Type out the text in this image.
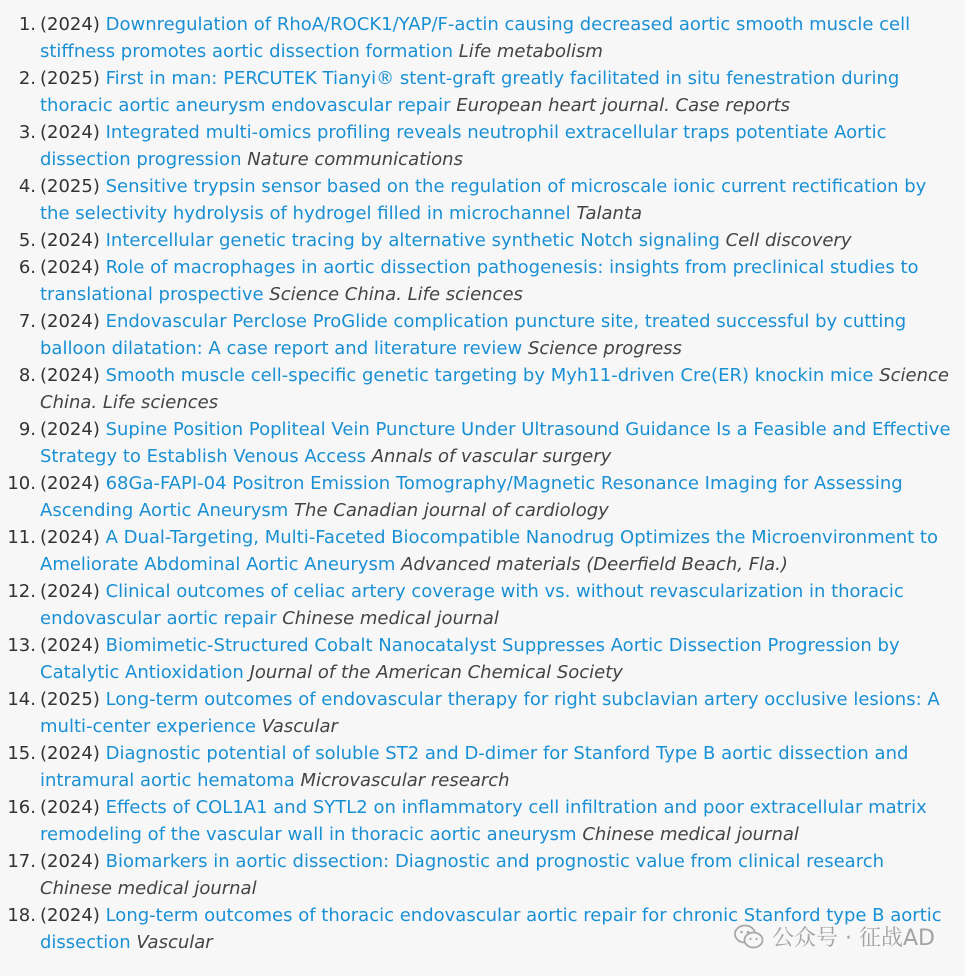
1. (2024) Downregulation of RhoA/ROCK1/YAP/F-actin causing decreased aortic smooth muscle cell stiffness promotes aortic dissection formation Life metabolism
2. (2025) First in man: PERCUTEK Tianyi® stent-graft greatly facilitated in situ fenestration during thoracic aortic aneurysm endovascular repair European heart journal. Case reports
3. (2024) Integrated multi-omics profiling reveals neutrophil extracellular traps potentiate Aortic dissection progression Nature communications
4. (2025) Sensitive trypsin sensor based on the regulation of microscale ionic current rectification by the selectivity hydrolysis of hydrogel filled in microchannel Talanta
5. (2024) Intercellular genetic tracing by alternative synthetic Notch signaling Cell discovery
6. (2024) Role of macrophages in aortic dissection pathogenesis: insights from preclinical studies to translational prospective Science China. Life sciences
7. (2024) Endovascular Perclose ProGlide complication puncture site, treated successful by cutting balloon dilatation: A case report and literature review Science progress
8. (2024) Smooth muscle cell-specific genetic targeting by Myh11-driven Cre(ER) knockin mice Science China. Life sciences
9. (2024) Supine Position Popliteal Vein Puncture Under Ultrasound Guidance Is a Feasible and Effective Strategy to Establish Venous Access Annals of vascular surgery
10. (2024) 68Ga-FAPI-04 Positron Emission Tomography/Magnetic Resonance Imaging for Assessing Ascending Aortic Aneurysm The Canadian journal of cardiology
11. (2024) A Dual-Targeting, Multi-Faceted Biocompatible Nanodrug Optimizes the Microenvironment to Ameliorate Abdominal Aortic Aneurysm Advanced materials (Deerfield Beach, Fla.)
12. (2024) Clinical outcomes of celiac artery coverage with vs. without revascularization in thoracic endovascular aortic repair Chinese medical journal
13. (2024) Biomimetic-Structured Cobalt Nanocatalyst Suppresses Aortic Dissection Progression by Catalytic Antioxidation Journal of the American Chemical Society
14. (2025) Long-term outcomes of endovascular therapy for right subclavian artery occlusive lesions: A multi-center experience Vascular
15. (2024) Diagnostic potential of soluble ST2 and D-dimer for Stanford Type B aortic dissection and intramural aortic hematoma Microvascular research
16. (2024) Effects of COL1A1 and SYTL2 on inflammatory cell infiltration and poor extracellular matrix remodeling of the vascular wall in thoracic aortic aneurysm Chinese medical journal
17. (2024) Biomarkers in aortic dissection: Diagnostic and prognostic value from clinical research Chinese medical journal
18. (2024) Long-term outcomes of thoracic endovascular aortic repair for chronic Stanford type B aortic dissection Vascular	公众号 · 征战AD
